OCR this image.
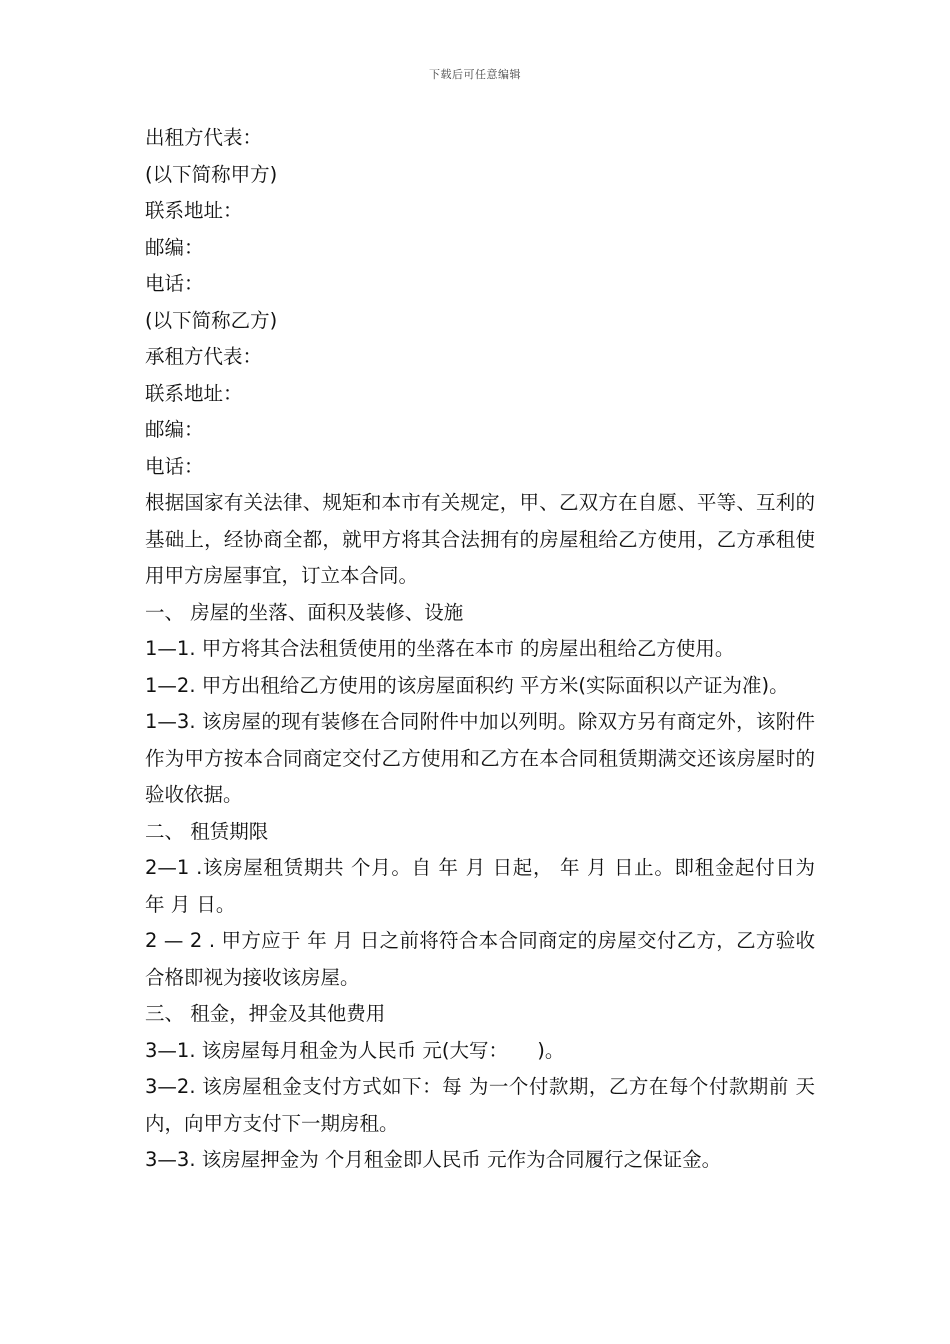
下载后可任意编辑
出租方代表：
(以下简称甲方)
联系地址：
邮编：
电话：
(以下简称乙方)
承租方代表：
联系地址：
邮编：
电话：
根据国家有关法律、规矩和本市有关规定，甲、乙双方在自愿、平等、互利的基础上，经协商全都，就甲方将其合法拥有的房屋租给乙方使用，乙方承租使用甲方房屋事宜，订立本合同。
一、 房屋的坐落、面积及装修、设施
1—1. 甲方将其合法租赁使用的坐落在本市 的房屋出租给乙方使用。
1—2. 甲方出租给乙方使用的该房屋面积约 平方米(实际面积以产证为准)。
1—3. 该房屋的现有装修在合同附件中加以列明。除双方另有商定外，该附件作为甲方按本合同商定交付乙方使用和乙方在本合同租赁期满交还该房屋时的验收依据。
二、 租赁期限
2—1 .该房屋租赁期共 个月。自 年 月 日起， 年 月 日止。即租金起付日为 年 月 日。
2 — 2 . 甲方应于 年 月 日之前将符合本合同商定的房屋交付乙方，乙方验收合格即视为接收该房屋。
三、 租金，押金及其他费用
3—1. 该房屋每月租金为人民币 元(大写：　　)。
3—2. 该房屋租金支付方式如下：每 为一个付款期，乙方在每个付款期前 天内，向甲方支付下一期房租。
3—3. 该房屋押金为 个月租金即人民币 元作为合同履行之保证金。
